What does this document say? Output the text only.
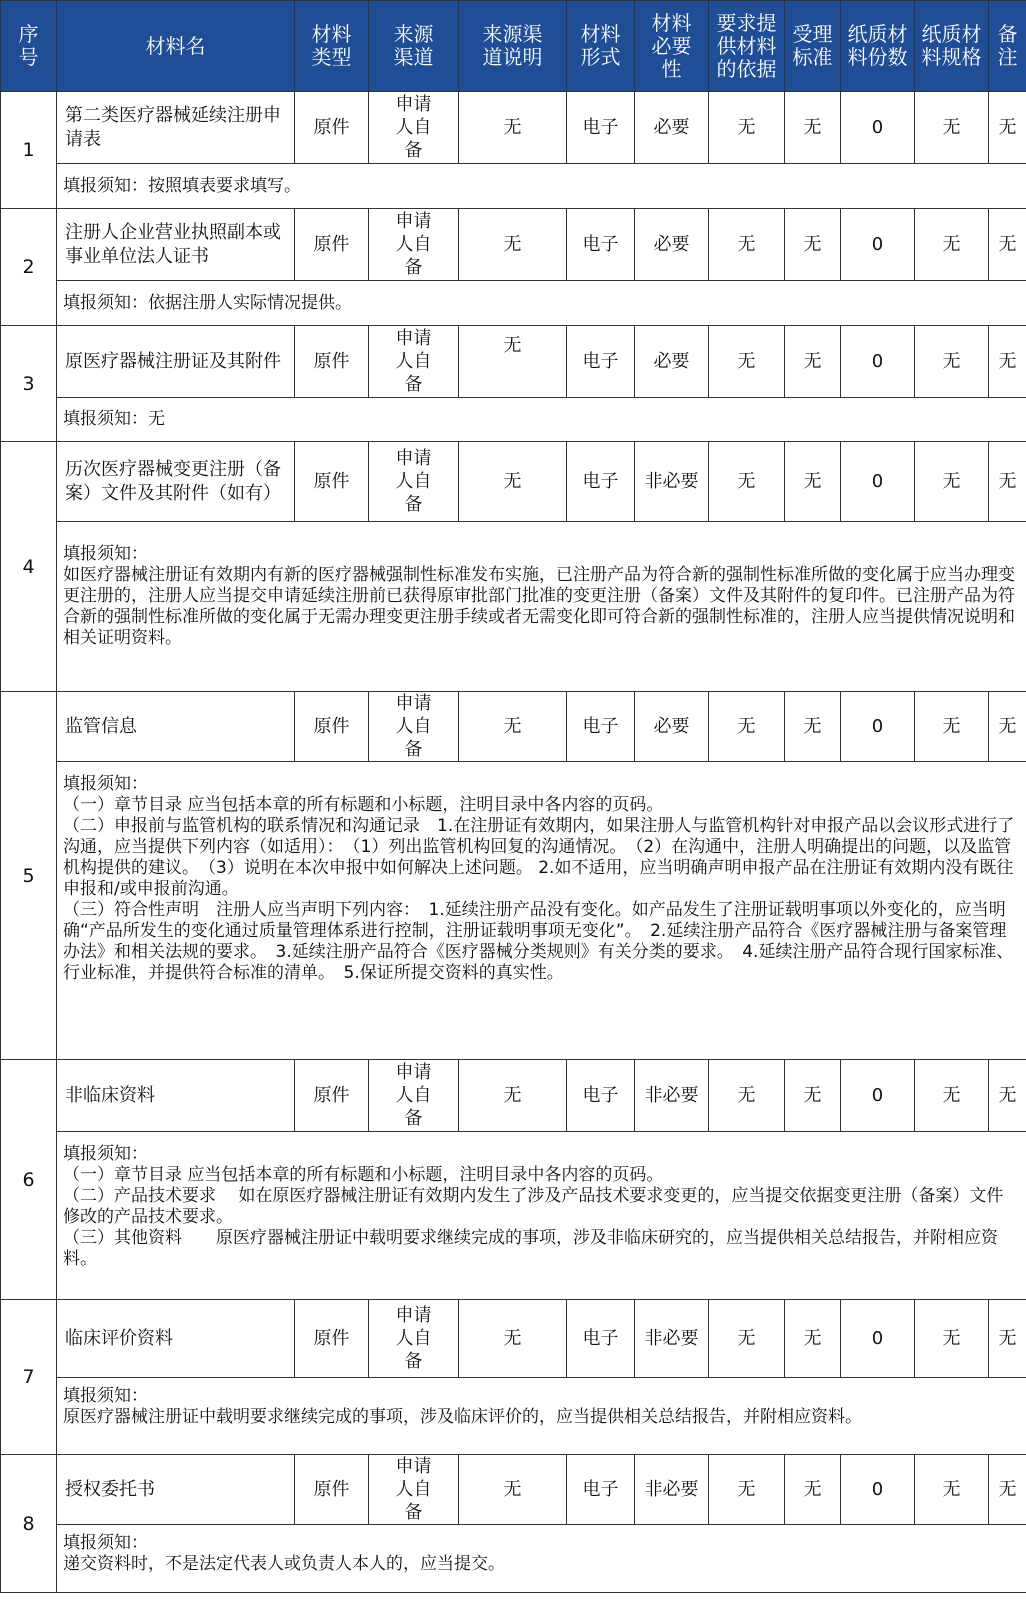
序号	材料名	材料类型	来源渠道	来源渠道说明	材料形式	材料必要性	要求提供材料的依据	受理标准	纸质材料份数	纸质材料规格	备注
1	第二类医疗器械延续注册申请表	原件	申请人自备	无	电子	必要	无	无	0	无	无

	填报须知：按照填表要求填写。										

2	注册人企业营业执照副本或事业单位法人证书	原件	申请人自备	无	电子	必要	无	无	0	无	无

	填报须知：依据注册人实际情况提供。										

3	原医疗器械注册证及其附件	原件	申请人自备	无	电子	必要	无	无	0	无	无

	填报须知：无										

4	历次医疗器械变更注册（备案）文件及其附件（如有）	原件	申请人自备	无	电子	非必要	无	无	0	无	无

	填报须知：
如医疗器械注册证有效期内有新的医疗器械强制性标准发布实施，已注册产品为符合新的强制性标准所做的变化属于应当办理变更注册的，注册人应当提交申请延续注册前已获得原审批部门批准的变更注册（备案）文件及其附件的复印件。已注册产品为符合新的强制性标准所做的变化属于无需办理变更注册手续或者无需变化即可符合新的强制性标准的，注册人应当提供情况说明和相关证明资料。										

5	监管信息	原件	申请人自备	无	电子	必要	无	无	0	无	无

	填报须知：
（一）章节目录 应当包括本章的所有标题和小标题，注明目录中各内容的页码。
（二）申报前与监管机构的联系情况和沟通记录　1.在注册证有效期内，如果注册人与监管机构针对申报产品以会议形式进行了沟通，应当提供下列内容（如适用）：　（1）列出监管机构回复的沟通情况。　（2）在沟通中，注册人明确提出的问题，以及监管机构提供的建议。　（3）说明在本次申报中如何解决上述问题。 2.如不适用，应当明确声明申报产品在注册证有效期内没有既往申报和/或申报前沟通。
（三）符合性声明　注册人应当声明下列内容：　1.延续注册产品没有变化。如产品发生了注册证载明事项以外变化的，应当明确“产品所发生的变化通过质量管理体系进行控制，注册证载明事项无变化”。　2.延续注册产品符合《医疗器械注册与备案管理办法》和相关法规的要求。　3.延续注册产品符合《医疗器械分类规则》有关分类的要求。　4.延续注册产品符合现行国家标准、行业标准，并提供符合标准的清单。　5.保证所提交资料的真实性。										

6	非临床资料	原件	申请人自备	无	电子	非必要	无	无	0	无	无

	填报须知：
（一）章节目录 应当包括本章的所有标题和小标题，注明目录中各内容的页码。
（二）产品技术要求　 如在原医疗器械注册证有效期内发生了涉及产品技术要求变更的，应当提交依据变更注册（备案）文件修改的产品技术要求。
（三）其他资料　　原医疗器械注册证中载明要求继续完成的事项，涉及非临床研究的，应当提供相关总结报告，并附相应资料。										

7	临床评价资料	原件	申请人自备	无	电子	非必要	无	无	0	无	无

	填报须知：
原医疗器械注册证中载明要求继续完成的事项，涉及临床评价的，应当提供相关总结报告，并附相应资料。										

8	授权委托书	原件	申请人自备	无	电子	非必要	无	无	0	无	无

	填报须知：
递交资料时，不是法定代表人或负责人本人的，应当提交。										
